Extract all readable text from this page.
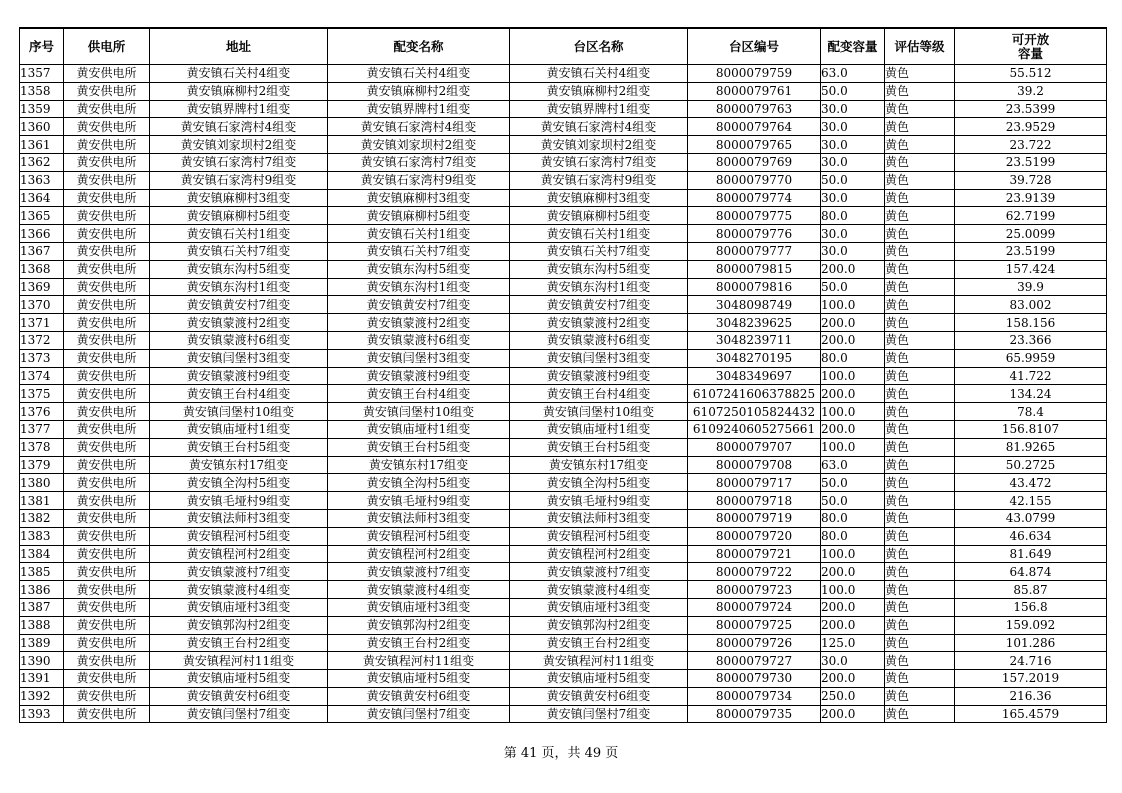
序号	供电所	地址	配变名称	台区名称	台区编号	配变容量	评估等级	可开放
容量

1357	黄安供电所	黄安镇石关村4组变	黄安镇石关村4组变	黄安镇石关村4组变	8000079759	63.0	黄色	55.512
1358	黄安供电所	黄安镇麻柳村2组变	黄安镇麻柳村2组变	黄安镇麻柳村2组变	8000079761	50.0	黄色	39.2
1359	黄安供电所	黄安镇界牌村1组变	黄安镇界牌村1组变	黄安镇界牌村1组变	8000079763	30.0	黄色	23.5399
1360	黄安供电所	黄安镇石家湾村4组变	黄安镇石家湾村4组变	黄安镇石家湾村4组变	8000079764	30.0	黄色	23.9529
1361	黄安供电所	黄安镇刘家坝村2组变	黄安镇刘家坝村2组变	黄安镇刘家坝村2组变	8000079765	30.0	黄色	23.722
1362	黄安供电所	黄安镇石家湾村7组变	黄安镇石家湾村7组变	黄安镇石家湾村7组变	8000079769	30.0	黄色	23.5199
1363	黄安供电所	黄安镇石家湾村9组变	黄安镇石家湾村9组变	黄安镇石家湾村9组变	8000079770	50.0	黄色	39.728
1364	黄安供电所	黄安镇麻柳村3组变	黄安镇麻柳村3组变	黄安镇麻柳村3组变	8000079774	30.0	黄色	23.9139
1365	黄安供电所	黄安镇麻柳村5组变	黄安镇麻柳村5组变	黄安镇麻柳村5组变	8000079775	80.0	黄色	62.7199
1366	黄安供电所	黄安镇石关村1组变	黄安镇石关村1组变	黄安镇石关村1组变	8000079776	30.0	黄色	25.0099
1367	黄安供电所	黄安镇石关村7组变	黄安镇石关村7组变	黄安镇石关村7组变	8000079777	30.0	黄色	23.5199
1368	黄安供电所	黄安镇东沟村5组变	黄安镇东沟村5组变	黄安镇东沟村5组变	8000079815	200.0	黄色	157.424
1369	黄安供电所	黄安镇东沟村1组变	黄安镇东沟村1组变	黄安镇东沟村1组变	8000079816	50.0	黄色	39.9
1370	黄安供电所	黄安镇黄安村7组变	黄安镇黄安村7组变	黄安镇黄安村7组变	3048098749	100.0	黄色	83.002
1371	黄安供电所	黄安镇蒙渡村2组变	黄安镇蒙渡村2组变	黄安镇蒙渡村2组变	3048239625	200.0	黄色	158.156
1372	黄安供电所	黄安镇蒙渡村6组变	黄安镇蒙渡村6组变	黄安镇蒙渡村6组变	3048239711	200.0	黄色	23.366
1373	黄安供电所	黄安镇闫堡村3组变	黄安镇闫堡村3组变	黄安镇闫堡村3组变	3048270195	80.0	黄色	65.9959
1374	黄安供电所	黄安镇蒙渡村9组变	黄安镇蒙渡村9组变	黄安镇蒙渡村9组变	3048349697	100.0	黄色	41.722
1375	黄安供电所	黄安镇王台村4组变	黄安镇王台村4组变	黄安镇王台村4组变	6107241606378825	200.0	黄色	134.24
1376	黄安供电所	黄安镇闫堡村10组变	黄安镇闫堡村10组变	黄安镇闫堡村10组变	6107250105824432	100.0	黄色	78.4
1377	黄安供电所	黄安镇庙垭村1组变	黄安镇庙垭村1组变	黄安镇庙垭村1组变	6109240605275661	200.0	黄色	156.8107
1378	黄安供电所	黄安镇王台村5组变	黄安镇王台村5组变	黄安镇王台村5组变	8000079707	100.0	黄色	81.9265
1379	黄安供电所	黄安镇东村17组变	黄安镇东村17组变	黄安镇东村17组变	8000079708	63.0	黄色	50.2725
1380	黄安供电所	黄安镇全沟村5组变	黄安镇全沟村5组变	黄安镇全沟村5组变	8000079717	50.0	黄色	43.472
1381	黄安供电所	黄安镇毛垭村9组变	黄安镇毛垭村9组变	黄安镇毛垭村9组变	8000079718	50.0	黄色	42.155
1382	黄安供电所	黄安镇法师村3组变	黄安镇法师村3组变	黄安镇法师村3组变	8000079719	80.0	黄色	43.0799
1383	黄安供电所	黄安镇程河村5组变	黄安镇程河村5组变	黄安镇程河村5组变	8000079720	80.0	黄色	46.634
1384	黄安供电所	黄安镇程河村2组变	黄安镇程河村2组变	黄安镇程河村2组变	8000079721	100.0	黄色	81.649
1385	黄安供电所	黄安镇蒙渡村7组变	黄安镇蒙渡村7组变	黄安镇蒙渡村7组变	8000079722	200.0	黄色	64.874
1386	黄安供电所	黄安镇蒙渡村4组变	黄安镇蒙渡村4组变	黄安镇蒙渡村4组变	8000079723	100.0	黄色	85.87
1387	黄安供电所	黄安镇庙垭村3组变	黄安镇庙垭村3组变	黄安镇庙垭村3组变	8000079724	200.0	黄色	156.8
1388	黄安供电所	黄安镇郭沟村2组变	黄安镇郭沟村2组变	黄安镇郭沟村2组变	8000079725	200.0	黄色	159.092
1389	黄安供电所	黄安镇王台村2组变	黄安镇王台村2组变	黄安镇王台村2组变	8000079726	125.0	黄色	101.286
1390	黄安供电所	黄安镇程河村11组变	黄安镇程河村11组变	黄安镇程河村11组变	8000079727	30.0	黄色	24.716
1391	黄安供电所	黄安镇庙垭村5组变	黄安镇庙垭村5组变	黄安镇庙垭村5组变	8000079730	200.0	黄色	157.2019
1392	黄安供电所	黄安镇黄安村6组变	黄安镇黄安村6组变	黄安镇黄安村6组变	8000079734	250.0	黄色	216.36
1393	黄安供电所	黄安镇闫堡村7组变	黄安镇闫堡村7组变	黄安镇闫堡村7组变	8000079735	200.0	黄色	165.4579
第 41 页，共 49 页
